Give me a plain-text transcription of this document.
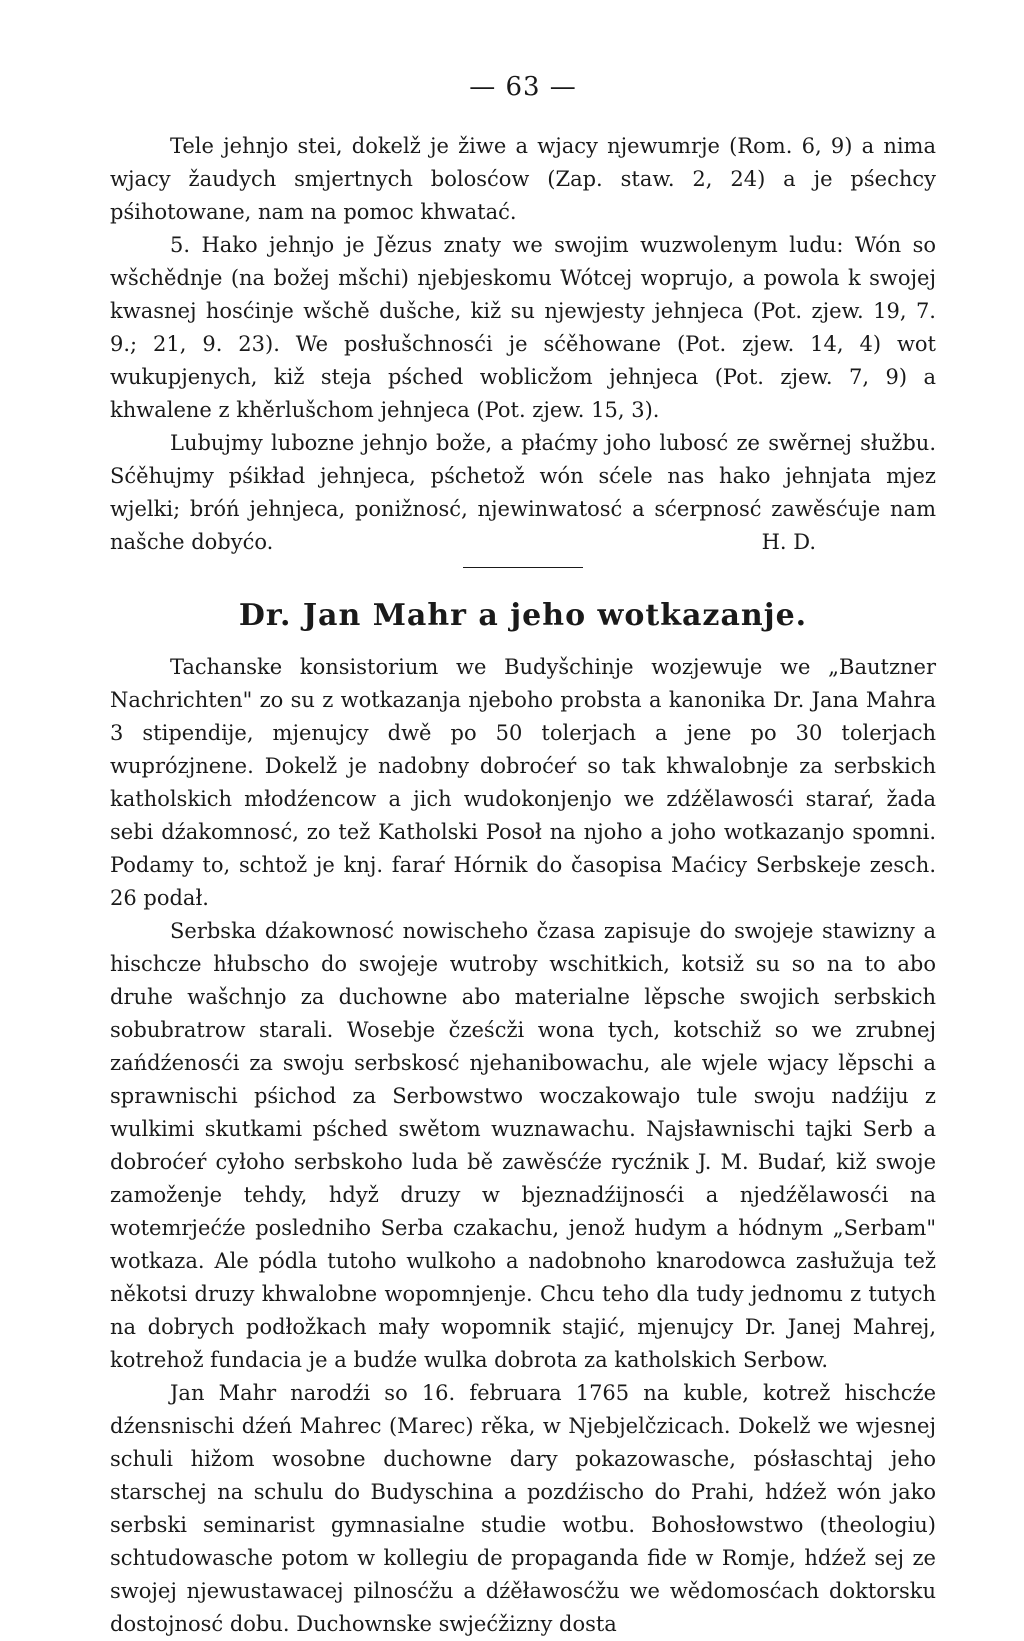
— 63 —

Tele jehnjo stei, dokelž je žiwe a wjacy njewumrje (Rom. 6, 9) a nima wjacy žaudych smjertnych bolosćow (Zap. staw. 2, 24) a je pśechcy pśihotowane, nam na pomoc khwatać.

5. Hako jehnjo je Jězus znaty we swojim wuzwolenym ludu: Wón so wšchědnje (na božej mšchi) njebjeskomu Wótcej woprujo, a powola k swojej kwasnej hosćinje wšchě dušche, kiž su njewjesty jehnjeca (Pot. zjew. 19, 7. 9.; 21, 9. 23). We posłušchnosći je sćěhowane (Pot. zjew. 14, 4) wot wukupjenych, kiž steja pśched woblicžom jehnjeca (Pot. zjew. 7, 9) a khwalene z khěrlušchom jehnjeca (Pot. zjew. 15, 3).

Lubujmy lubozne jehnjo bože, a płaćmy joho lubosć ze swěrnej słužbu. Sćěhujmy pśikład jehnjeca, pśchetož wón sćele nas hako jehnjata mjez wjelki; bróń jehnjeca, ponižnosć, njewinwatosć a sćerpnosć zawěsćuje nam našche dobyćo.	H. D.
Dr. Jan Mahr a jeho wotkazanje.

Tachanske konsistorium we Budyšchinje wozjewuje we „Bautzner Nachrichten" zo su z wotkazanja njeboho probsta a kanonika Dr. Jana Mahra 3 stipendije, mjenujcy dwě po 50 tolerjach a jene po 30 tolerjach wuprózjnene. Dokelž je nadobny dobroćeŕ so tak khwalobnje za serbskich katholskich młodźencow a jich wudokonjenjo we zdźělawosći staraŕ, žada sebi dźakomnosć, zo tež Katholski Posoł na njoho a joho wotkazanjo spomni. Podamy to, schtož je knj. faraŕ Hórnik do časopisa Maćicy Serbskeje zesch. 26 podał.

Serbska dźakownosć nowischeho čzasa zapisuje do swojeje stawizny a hischcze hłubscho do swojeje wutroby wschitkich, kotsiž su so na to abo druhe wašchnjo za duchowne abo materialne lěpsche swojich serbskich sobubratrow starali. Wosebje čześcži wona tych, kotschiž so we zrubnej zańdźenosći za swoju serbskosć njehanibowachu, ale wjele wjacy lěpschi a sprawnischi pśichod za Serbowstwo woczakowajo tule swoju nadźiju z wulkimi skutkami pśched swětom wuznawachu. Najsławnischi tajki Serb a dobroćeŕ cyłoho serbskoho luda bě zawěsćźe rycźnik J. M. Budaŕ, kiž swoje zamoženje tehdy, hdyž druzy w bjeznadźijnosći a njedźělawosći na wotemrjećźe posledniho Serba czakachu, jenož hudym a hódnym „Serbam" wotkaza. Ale pódla tutoho wulkoho a nadobnoho knarodowca zasłužuja tež někotsi druzy khwalobne wopomnjenje. Chcu teho dla tudy jednomu z tutych na dobrych podłožkach mały wopomnik stajić, mjenujcy Dr. Janej Mahrej, kotrehož fundacia je a budźe wulka dobrota za katholskich Serbow.

Jan Mahr narodźi so 16. februara 1765 na kuble, kotrež hischcźe dźensnischi dźeń Mahrec (Marec) rěka, w Njebjelčzicach. Dokelž we wjesnej schuli hižom wosobne duchowne dary pokazowasche, pósłaschtaj jeho starschej na schulu do Budyschina a pozdźischo do Prahi, hdźež wón jako serbski seminarist gymnasialne studie wotbu. Bohosłowstwo (theologiu) schtudowasche potom w kollegiu de propaganda fide w Romje, hdźež sej ze swojej njewustawacej pilnosćžu a dźěławosćžu we wědomosćach doktorsku dostojnosć dobu. Duchownske swjećžizny dosta
